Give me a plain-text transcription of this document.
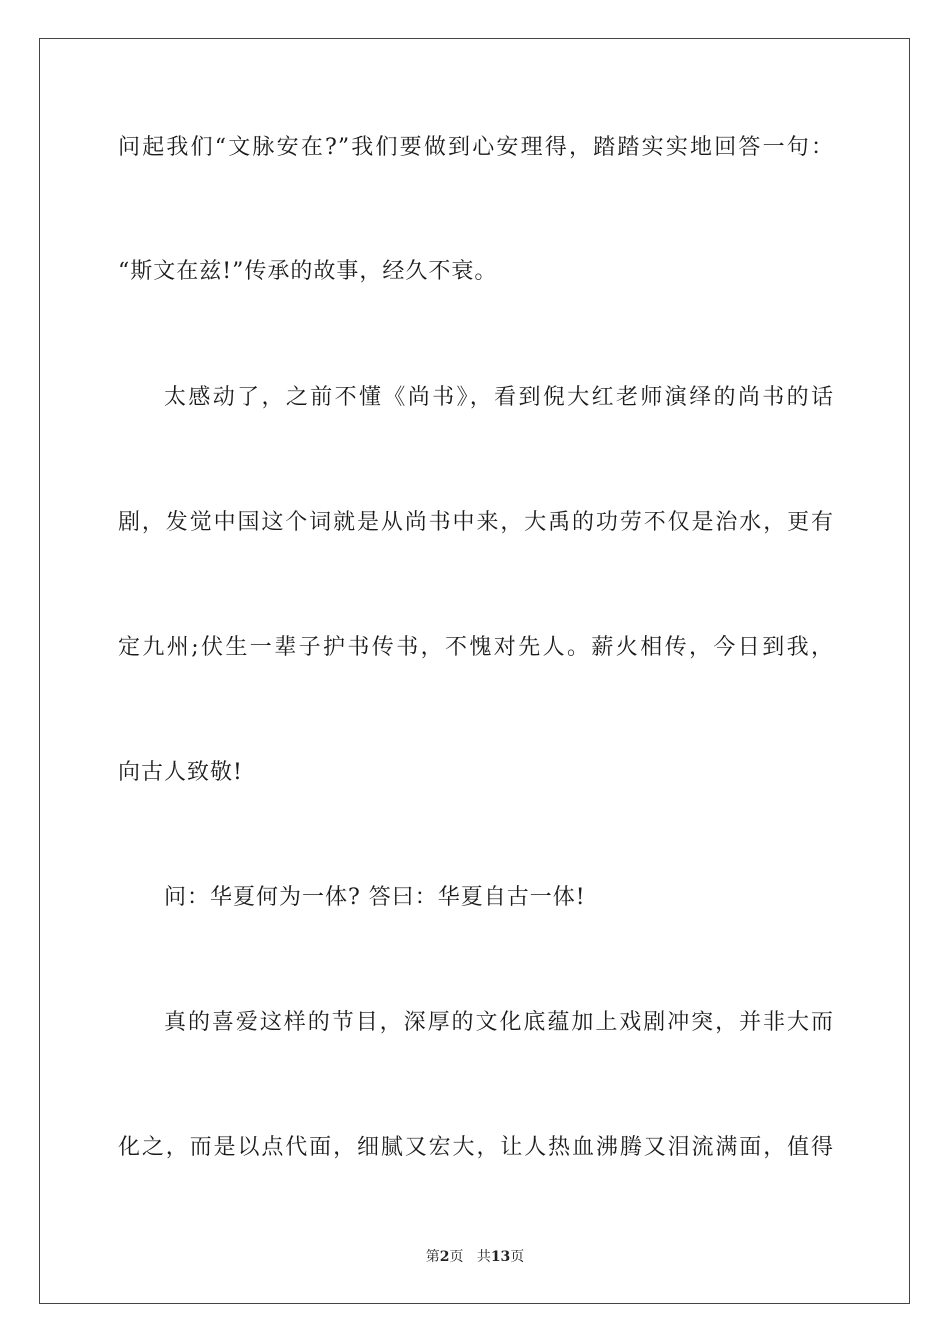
问起我们“文脉安在?”我们要做到心安理得，踏踏实实地回答一句：
“斯文在兹!”传承的故事，经久不衰。
太感动了，之前不懂《尚书》，看到倪大红老师演绎的尚书的话
剧，发觉中国这个词就是从尚书中来，大禹的功劳不仅是治水，更有
定九州;伏生一辈子护书传书，不愧对先人。薪火相传，今日到我，
向古人致敬!
问：华夏何为一体? 答曰：华夏自古一体!
真的喜爱这样的节目，深厚的文化底蕴加上戏剧冲突，并非大而
化之，而是以点代面，细腻又宏大，让人热血沸腾又泪流满面，值得
第2页 共13页
